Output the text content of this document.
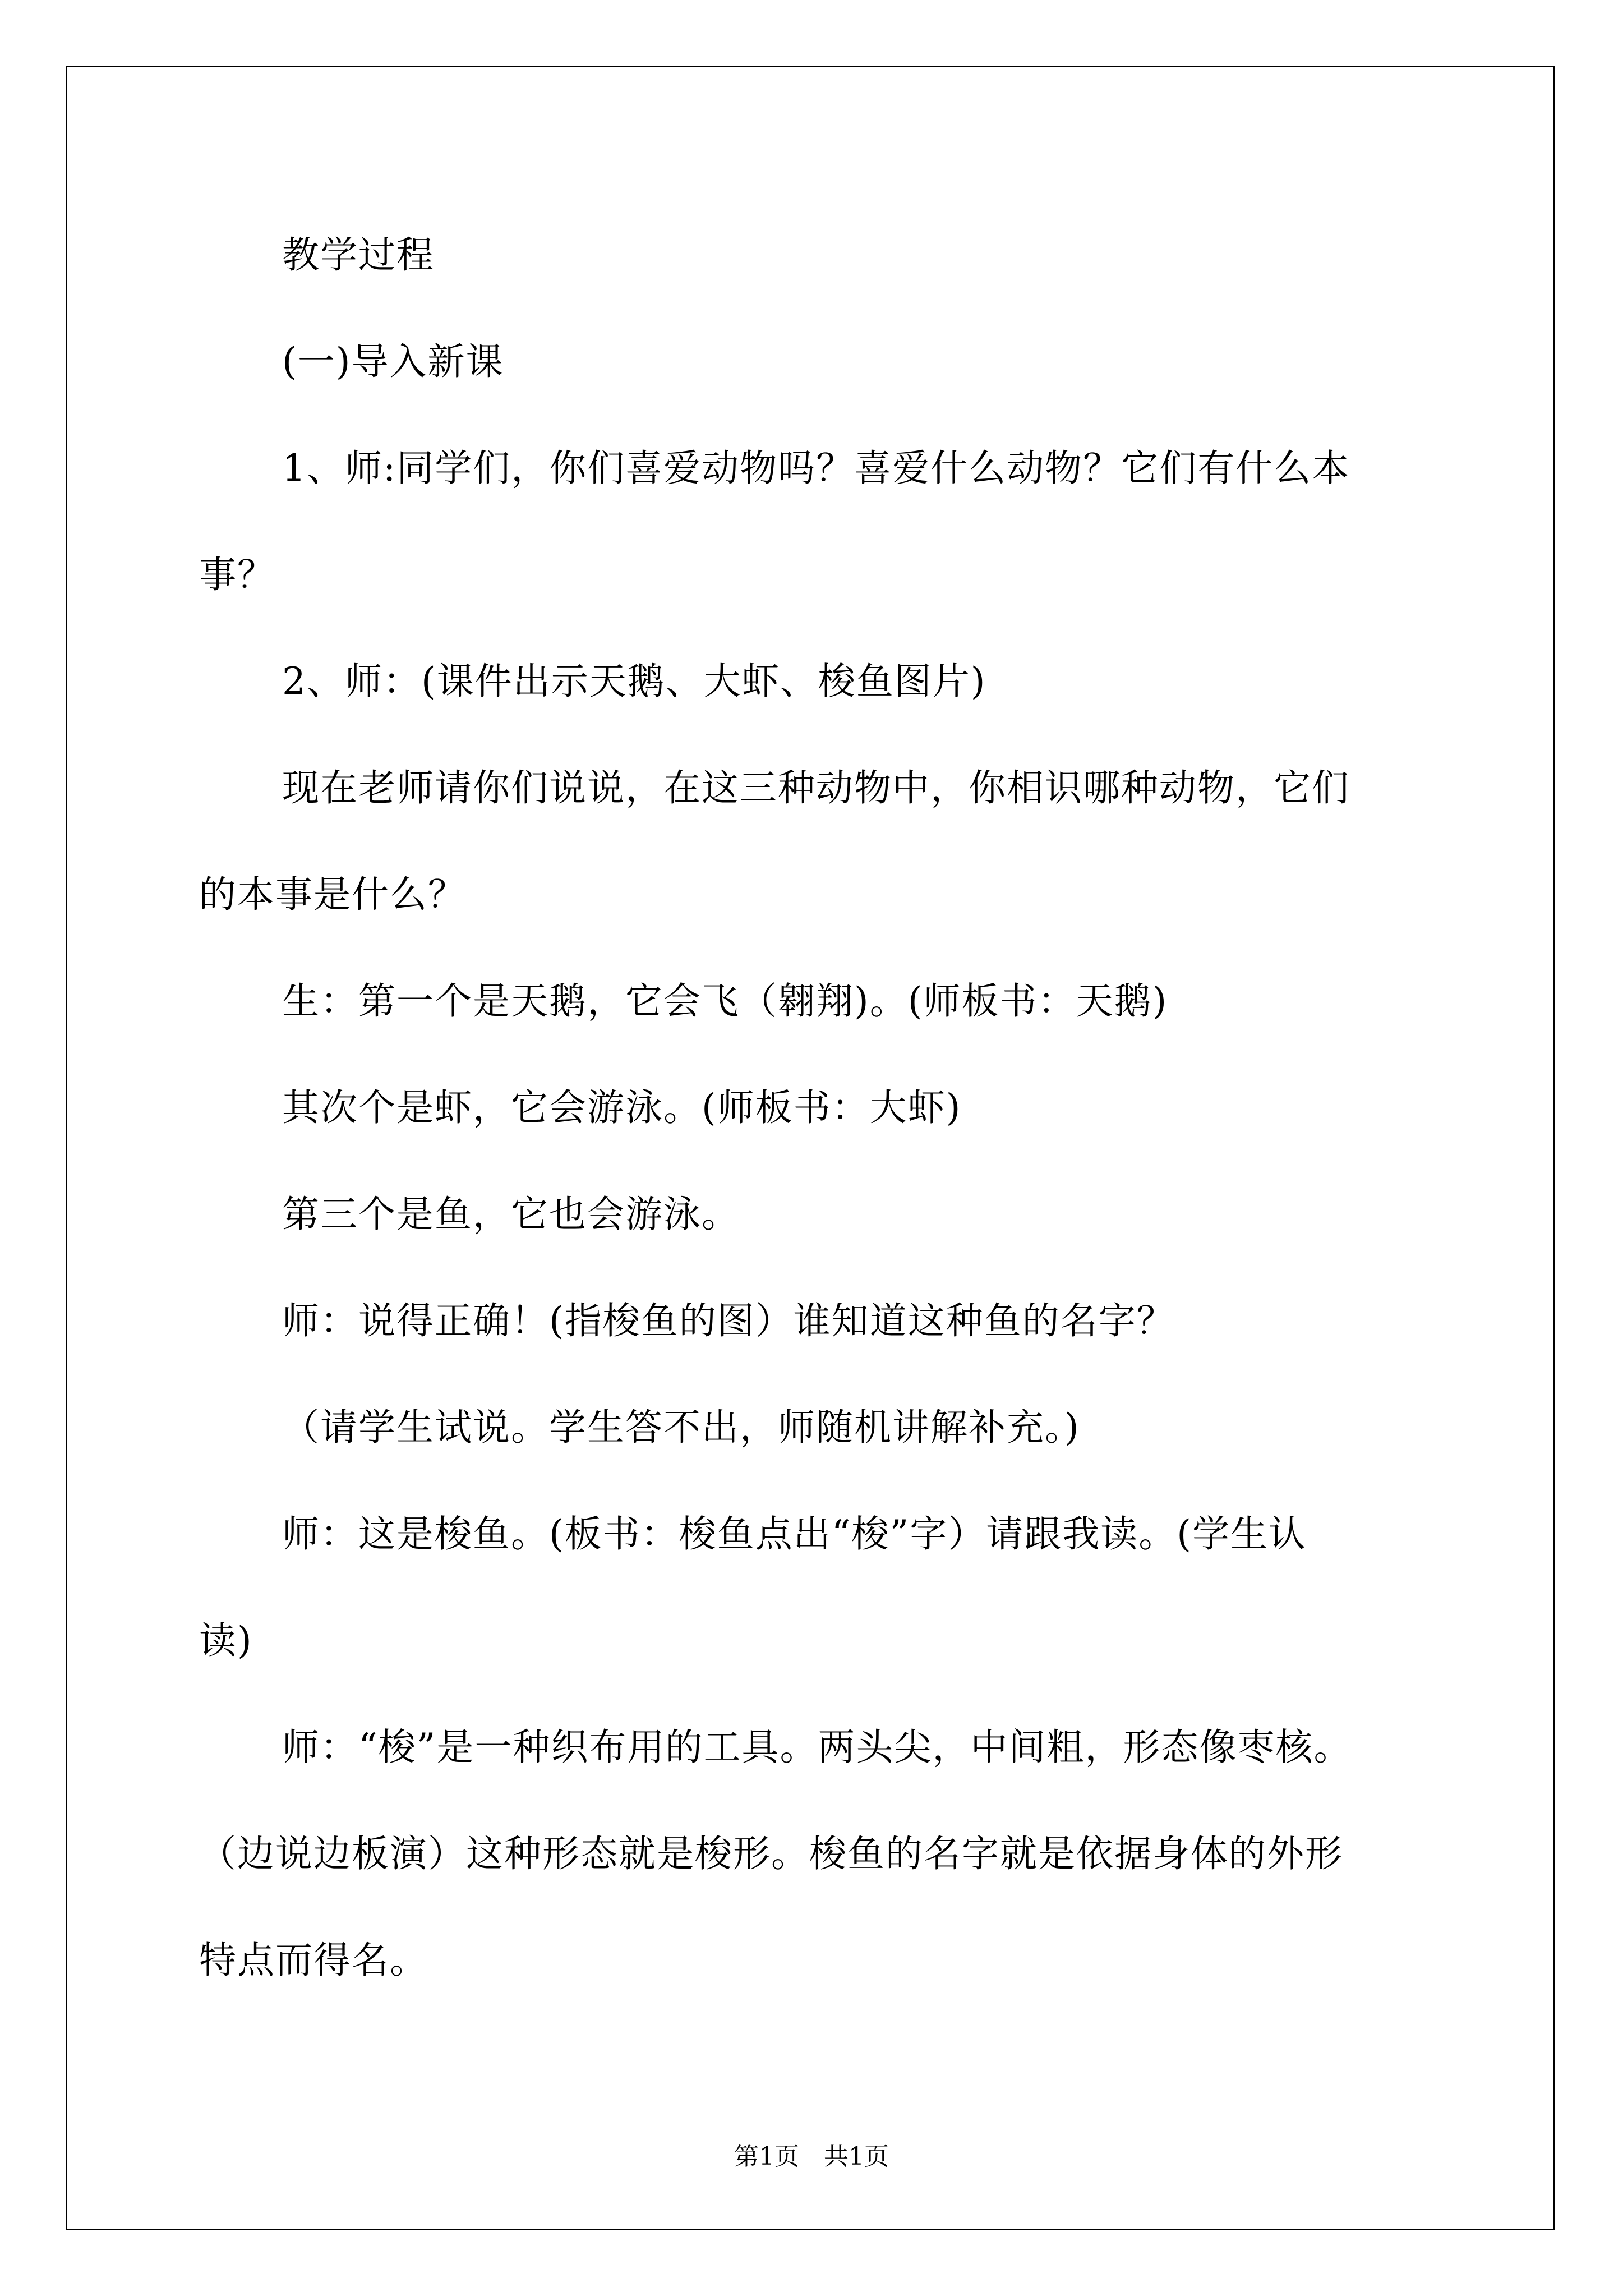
教学过程
(一)导入新课
1、师:同学们，你们喜爱动物吗？喜爱什么动物？它们有什么本
事？
2、师：(课件出示天鹅、大虾、梭鱼图片)
现在老师请你们说说，在这三种动物中，你相识哪种动物，它们
的本事是什么？
生：第一个是天鹅，它会飞（翱翔)。(师板书：天鹅)
其次个是虾，它会游泳。(师板书：大虾)
第三个是鱼，它也会游泳。
师：说得正确！(指梭鱼的图）谁知道这种鱼的名字？
（请学生试说。学生答不出，师随机讲解补充。)
师：这是梭鱼。(板书：梭鱼点出“梭”字）请跟我读。(学生认
读)
师：“梭”是一种织布用的工具。两头尖，中间粗，形态像枣核。
（边说边板演）这种形态就是梭形。梭鱼的名字就是依据身体的外形
特点而得名。
第1页　共1页
